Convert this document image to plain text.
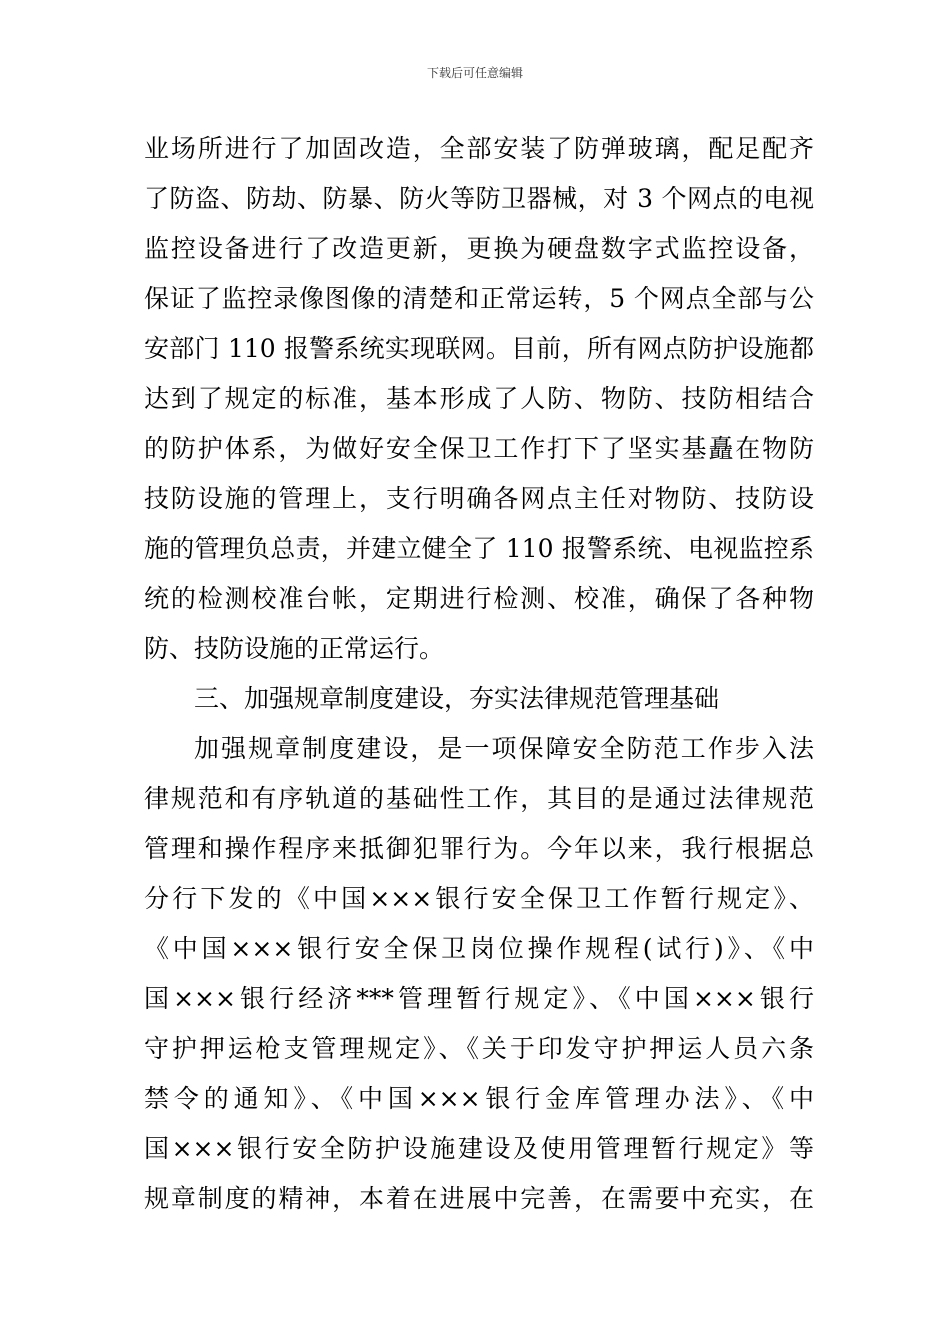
下载后可任意编辑
业场所进行了加固改造，全部安装了防弹玻璃，配足配齐
了防盗、防劫、防暴、防火等防卫器械，对 3 个网点的电视
监控设备进行了改造更新，更换为硬盘数字式监控设备，
保证了监控录像图像的清楚和正常运转，5 个网点全部与公
安部门 110 报警系统实现联网。目前，所有网点防护设施都
达到了规定的标准，基本形成了人防、物防、技防相结合
的防护体系，为做好安全保卫工作打下了坚实基矗在物防
技防设施的管理上，支行明确各网点主任对物防、技防设
施的管理负总责，并建立健全了 110 报警系统、电视监控系
统的检测校准台帐，定期进行检测、校准，确保了各种物
防、技防设施的正常运行。
三、加强规章制度建设，夯实法律规范管理基础
加强规章制度建设，是一项保障安全防范工作步入法
律规范和有序轨道的基础性工作，其目的是通过法律规范
管理和操作程序来抵御犯罪行为。今年以来，我行根据总
分行下发的《中国×××银行安全保卫工作暂行规定》、
《中国×××银行安全保卫岗位操作规程(试行)》、《中
国×××银行经济***管理暂行规定》、《中国×××银行
守护押运枪支管理规定》、《关于印发守护押运人员六条
禁令的通知》、《中国×××银行金库管理办法》、《中
国×××银行安全防护设施建设及使用管理暂行规定》等
规章制度的精神，本着在进展中完善，在需要中充实，在
